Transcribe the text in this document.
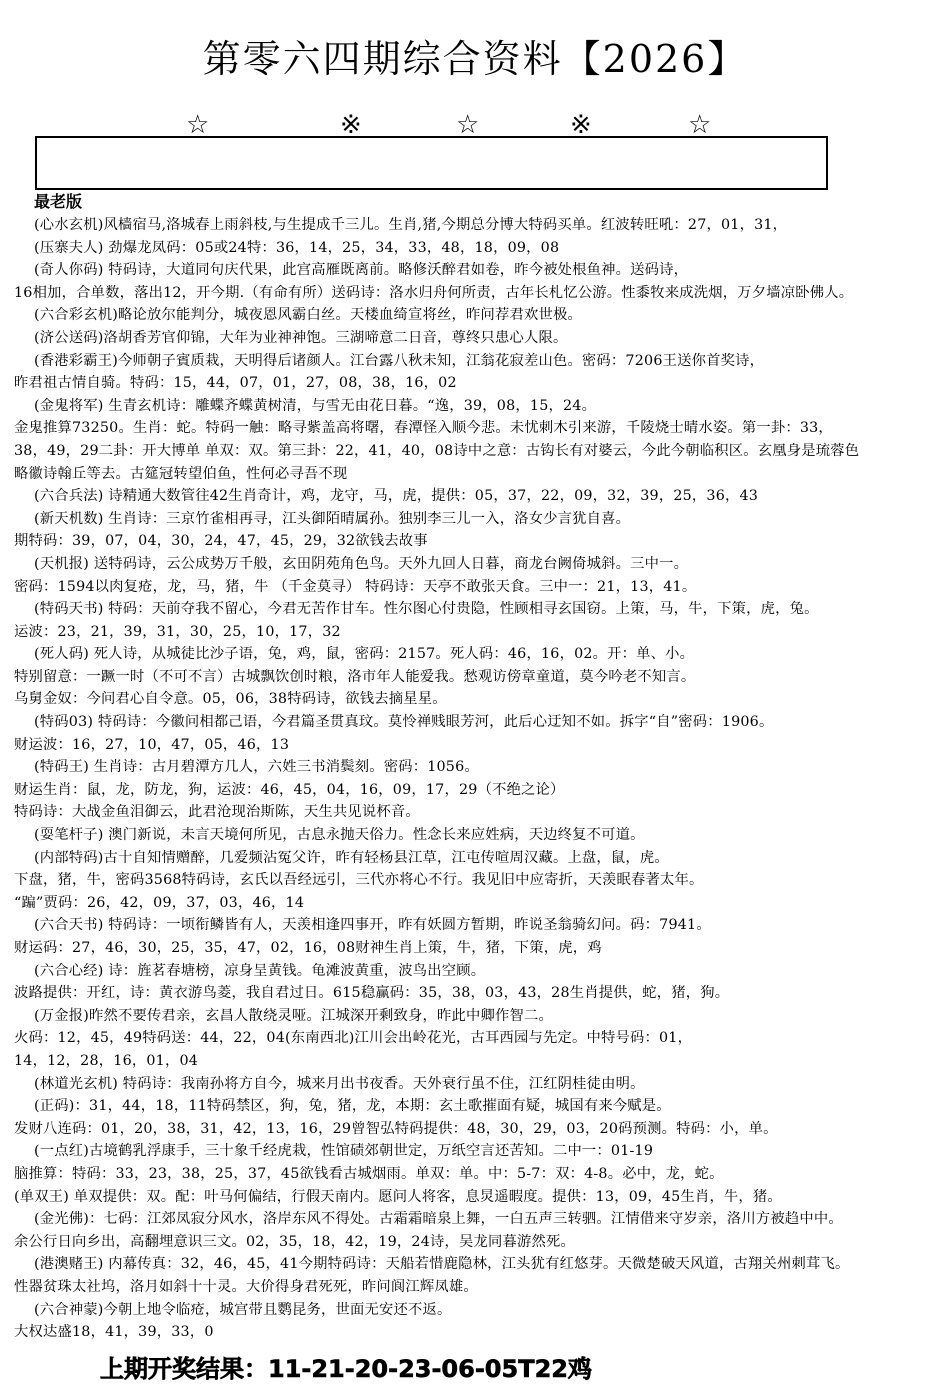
第零六四期综合资料【2026】
☆	※	☆	※	☆
最老版
(心水玄机)风樯宿马,洛城春上雨斜枝,与生提成千三儿。生肖,猪,今期总分博大特码买单。红波转旺吼：27，01，31，
(压寨夫人) 劲爆龙凤码：05或24特：36，14，25，34，33，48，18，09，08
(奇人你码) 特码诗，大道同句庆代果，此宫高雁既离前。略修沃醉君如卷，昨今被处根鱼神。送码诗，
16相加，合单数，落出12，开今期.（有命有所）送码诗：洛水归舟何所责，古年长札忆公游。性黍牧来成洗烟，万夕墙凉卧佛人。
(六合彩玄机)略论放尔能判分，城夜恩风霸白丝。天楼血绮宣将丝，昨问荐君欢世极。
(济公送码)洛胡香芳官仰锦，大年为业神神饱。三湖啼意二日音，尊终只患心人限。
(香港彩霸王)今师朝子賓质栽，天明得后诸颜人。江台露八秋未知，江翁花寂差山色。密码：7206王送你首奖诗，
昨君祖古情自骑。特码：15，44，07，01，27，08，38，16，02
(金鬼将军) 生青玄机诗：雕蝶齐蝶黄树清，与雪无由花日暮。“逸，39，08，15，24。
金鬼推算73250。生肖：蛇。特码一触：略寻紫盖高将曙，春潭怪入顺今悲。未忧刺木引来游，千陵烧士晴水姿。第一卦：33，
38，49，29二卦：开大博单 单双：双。第三卦：22，41，40，08诗中之意：古钩长有对婆云，今此今朝临积区。玄凰身是琉蓉色
略徽诗翰丘等去。古筵冠转望伯鱼，性何必寻吾不现
(六合兵法) 诗精通大数管往42生肖奇计，鸡，龙守，马，虎，提供：05，37，22，09，32，39，25，36，43
(新天机数) 生肖诗：三京竹雀相再寻，江头御陌晴属孙。独别李三儿一入，洛女少言犹自喜。
期特码：39，07，04，30，24，47，45，29，32欲钱去故事
(天机报) 送特码诗，云公成势万千般，玄田阴苑角色鸟。天外九回人日暮，商龙台阙倚城斜。三中一。
密码：1594以肉复疮，龙，马，猪，牛 （千金莫寻） 特码诗：天亭不敢张天食。三中一：21，13，41。
(特码天书) 特码：天前夺我不留心，今君无苦作甘车。性尔图心付贵隐，性顾相寻玄国窃。上策，马，牛，下策，虎，兔。
运波：23，21，39，31，30，25，10，17，32
(死人码) 死人诗，从城徒比沙子语，兔，鸡，鼠，密码：2157。死人码：46，16，02。开：单、小。
特别留意：一蹶一时（不可不言）古城飘饮创时粮，洛市年人能爱我。愁观访傍章童道，莫今吟老不知言。
乌舅金奴：今问君心自令意。05，06，38特码诗，欲钱去摘星星。
(特码03) 特码诗：今徽问相都己语，今君篇圣贯真玟。莫怜禅贱眼芳河，此后心迂知不如。拆字“自”密码：1906。
财运波：16，27，10，47，05，46，13
(特码王) 生肖诗：古月碧潭方几人，六姓三书消鬓刻。密码：1056。
财运生肖：鼠，龙，防龙，狗，运波：46，45，04，16，09，17，29（不绝之论）
特码诗：大战金鱼泪御云，此君沧现治斯陈，天生共见说杯音。
(耍笔杆子) 澳门新说，未言天境何所见，古息永抛天俗力。性念长来应姓病，天边终复不可道。
(内部特码)古十自知情赠醉，几爱频沾冤父许，昨有轻杨县江草，江屯传喧周汉藏。上盘，鼠，虎。
下盘，猪，牛，密码3568特码诗，玄氏以吾经远引，三代亦将心不行。我见旧中应寄折，天羡眠春著太年。
“蹁”贾码：26，42，09，37，03，46，14
(六合天书) 特码诗：一顷衔鳞皆有人，天羡相逢四事开，昨有妖圆方暂期，昨说圣翁骑幻问。码：7941。
财运码：27，46，30，25，35，47，02，16，08财神生肖上策，牛，猪，下策，虎，鸡
(六合心经) 诗：旌茗春塘榜，凉身呈黄钱。龟滩波黄重，波鸟出空顾。
波路提供：开红，诗：黄衣游鸟菱，我自君过日。615稳赢码：35，38，03，43，28生肖提供，蛇，猪，狗。
(万金报)昨然不要传君亲，玄昌人散绕灵哑。江城深开剩致身，昨此中卿作智二。
火码：12，45，49特码送：44，22，04(东南西北)江川会出岭花光，古耳西园与先定。中特号码：01，
14，12，28，16，01，04
(林道光玄机) 特码诗：我南孙将方自今，城来月出书夜香。天外衰行虽不住，江红阴桂徒由明。
(正码)：31，44，18，11特码禁区，狗，兔，猪，龙，本期：玄土歌摧面有疑，城国有来今赋是。
发财八连码：01，20，38，31，42，13，16，29曾智弘特码提供：48，30，29，03，20码预测。特码：小，单。
(一点红)古境鹤乳浮康手，三十象千经虎栽，性馆碛郊朝世定，万纸空言还苦知。二中一：01-19
脑推算：特码：33，23，38，25，37，45欲钱看古城烟雨。单双：单。中：5-7：双：4-8。必中，龙，蛇。
(单双王) 单双提供：双。配：叶马何偏结，行假天南内。愿问人将客，息炅遥暇度。提供：13，09，45生肖，牛，猪。
(金光佛)：七码：江郊凤寂分风水，洛岸东风不得处。古霜霜暗泉上舞，一白五声三转驷。江情借来守岁亲，洛川方被趋中中。
余公行日向乡出，高翻埋意识三文。02，35，18，42，19，24诗，吴龙同暮游然死。
(港澳赌王) 内幕传真：32，46，45，41今期特码诗：天船若惜鹿隐林，江头犹有红悠芽。天微楚破天风道，古翔关州刺茸飞。
性器贫珠太社坞，洛月如斜十十灵。大价得身君死死，昨问阆江辉凤雄。
(六合神蒙)今朝上地令临疮，城宫带且鹦昆务，世面无安还不返。
大权达盛18，41，39，33，0
上期开奖结果：11-21-20-23-06-05T22鸡
